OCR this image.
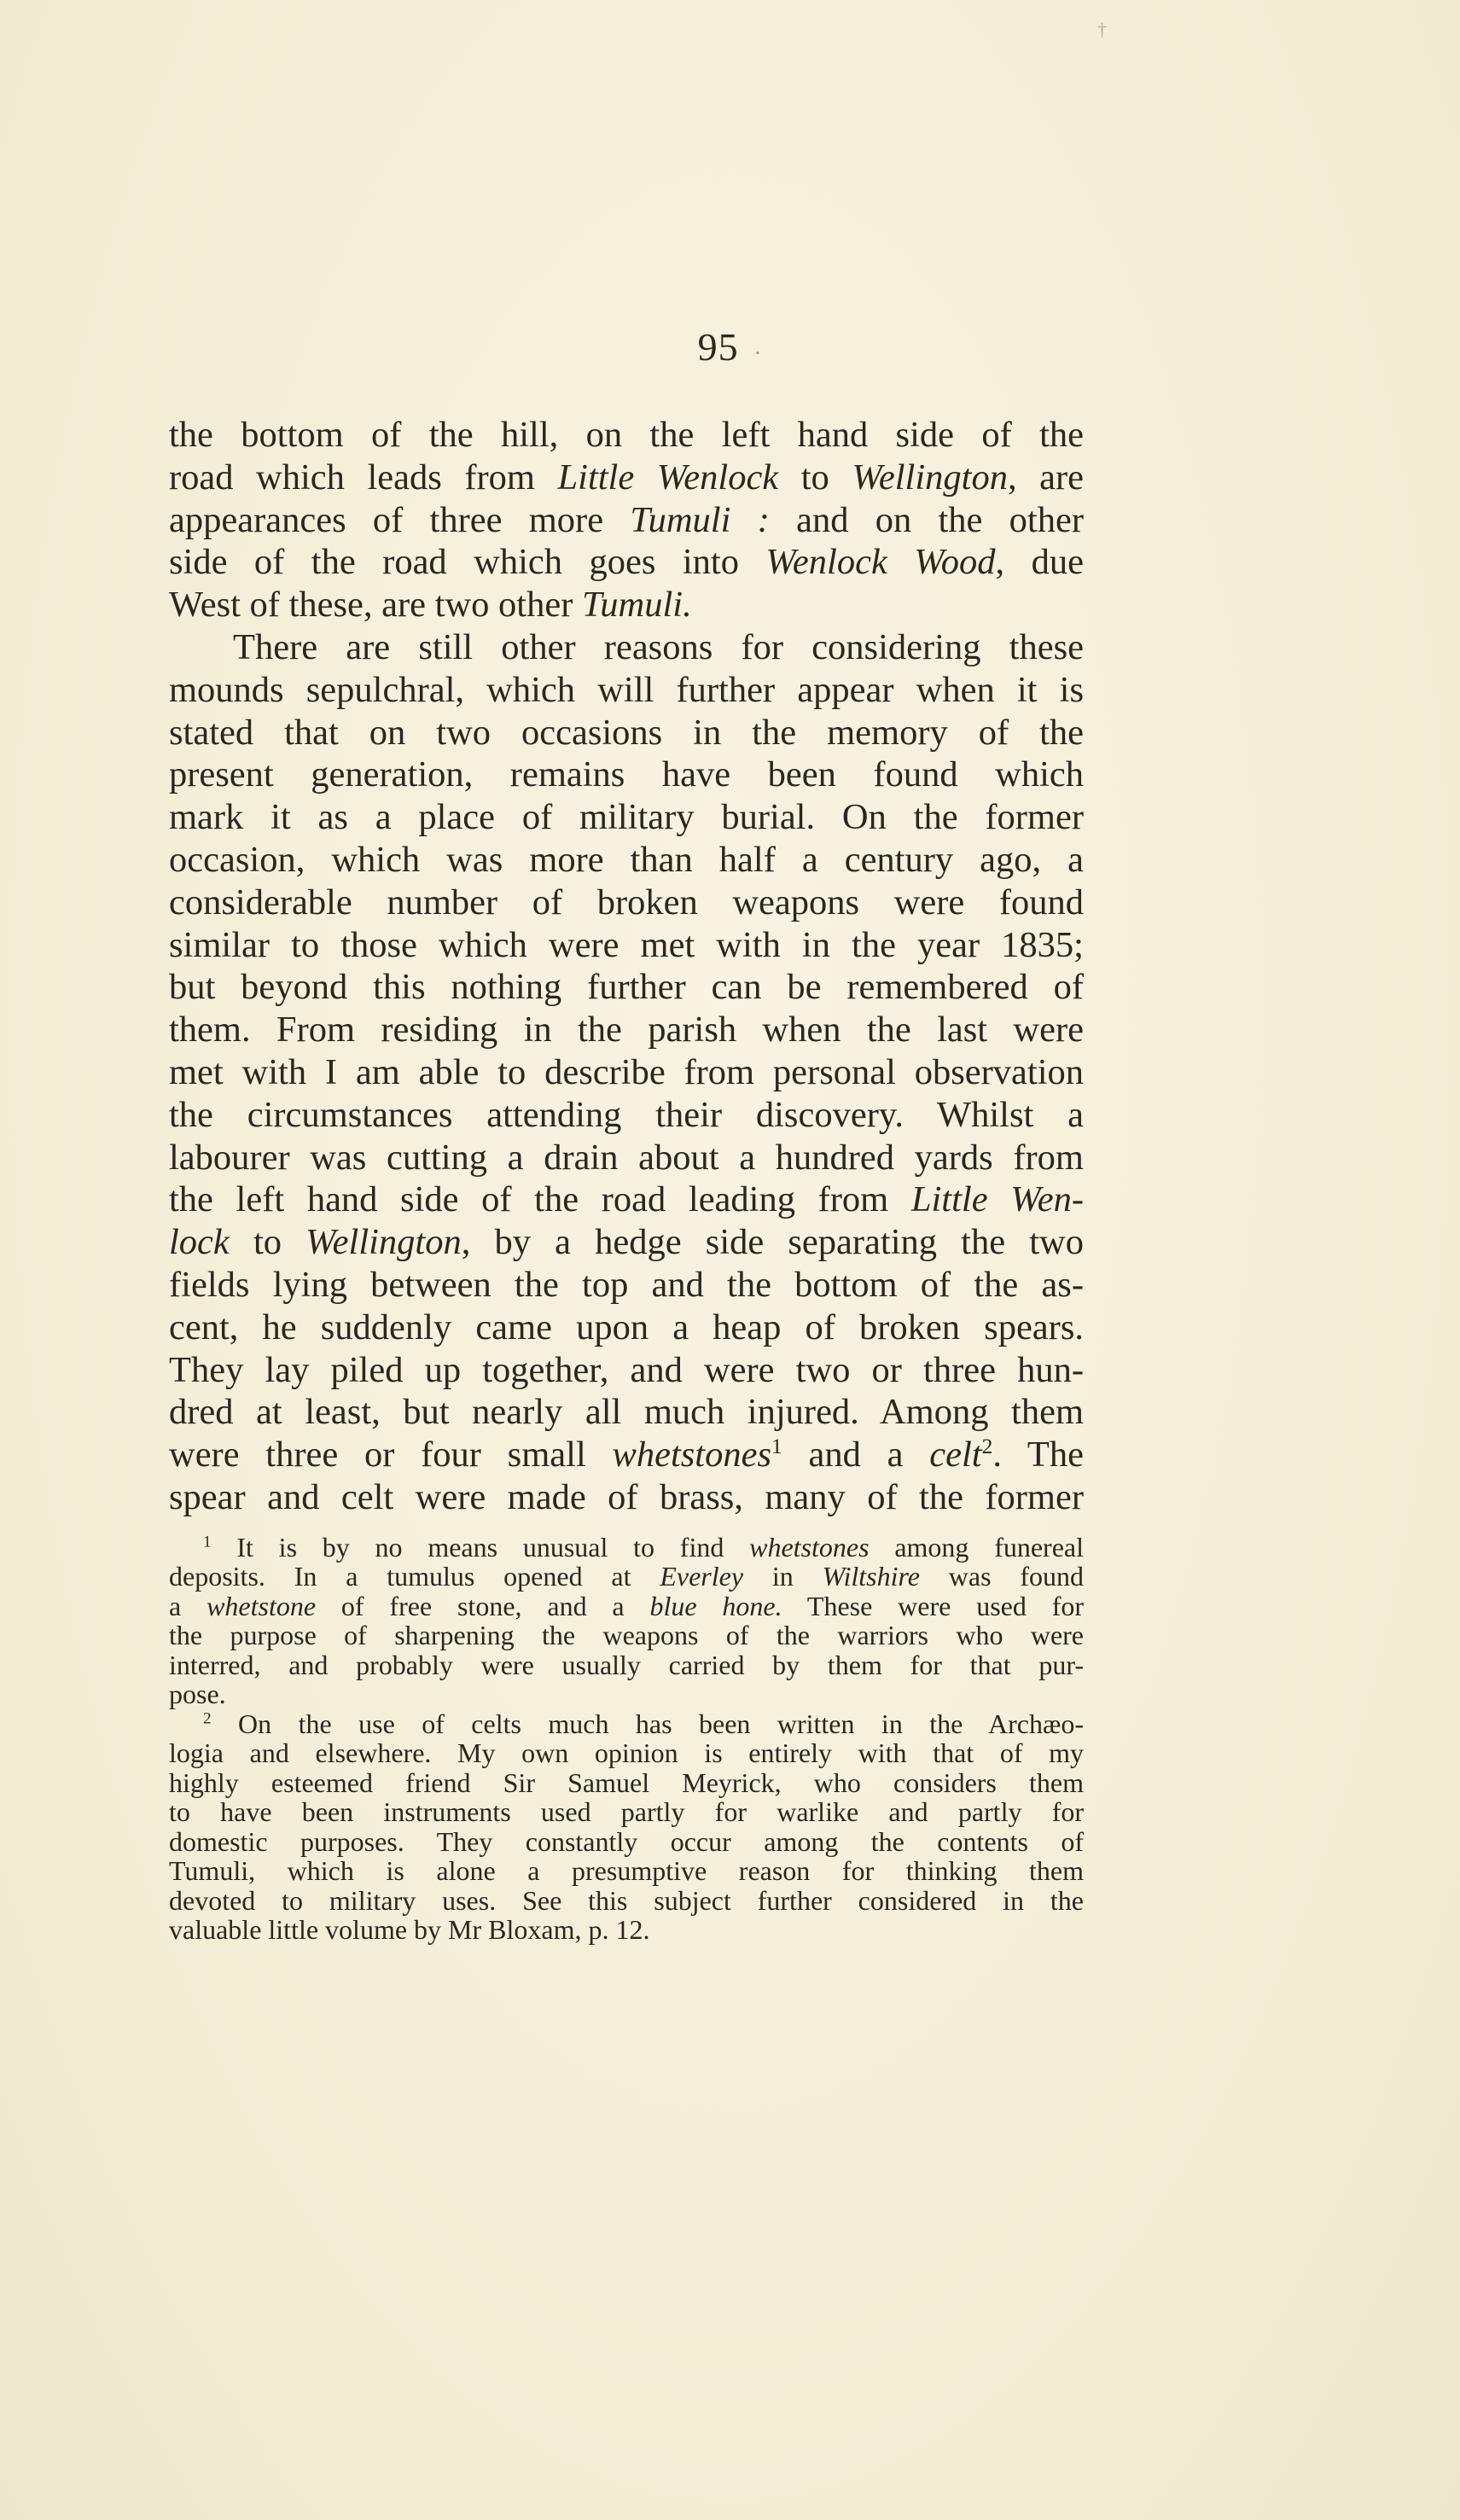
†
95 ·
the bottom of the hill, on the left hand side of the
road which leads from Little Wenlock to Wellington, are
appearances of three more Tumuli : and on the other
side of the road which goes into Wenlock Wood, due
West of these, are two other Tumuli.
There are still other reasons for considering these
mounds sepulchral, which will further appear when it is
stated that on two occasions in the memory of the
present generation, remains have been found which
mark it as a place of military burial. On the former
occasion, which was more than half a century ago, a
considerable number of broken weapons were found
similar to those which were met with in the year 1835;
but beyond this nothing further can be remembered of
them. From residing in the parish when the last were
met with I am able to describe from personal observation
the circumstances attending their discovery. Whilst a
labourer was cutting a drain about a hundred yards from
the left hand side of the road leading from Little Wen-
lock to Wellington, by a hedge side separating the two
fields lying between the top and the bottom of the as-
cent, he suddenly came upon a heap of broken spears.
They lay piled up together, and were two or three hun-
dred at least, but nearly all much injured. Among them
were three or four small whetstones$^1$ and a celt$^2$. The
spear and celt were made of brass, many of the former
$^1$ It is by no means unusual to find whetstones among funereal
deposits. In a tumulus opened at Everley in Wiltshire was found
a whetstone of free stone, and a blue hone. These were used for
the purpose of sharpening the weapons of the warriors who were
interred, and probably were usually carried by them for that pur-
pose.
$^2$ On the use of celts much has been written in the Archæo-
logia and elsewhere. My own opinion is entirely with that of my
highly esteemed friend Sir Samuel Meyrick, who considers them
to have been instruments used partly for warlike and partly for
domestic purposes. They constantly occur among the contents of
Tumuli, which is alone a presumptive reason for thinking them
devoted to military uses. See this subject further considered in the
valuable little volume by Mr Bloxam, p. 12.
